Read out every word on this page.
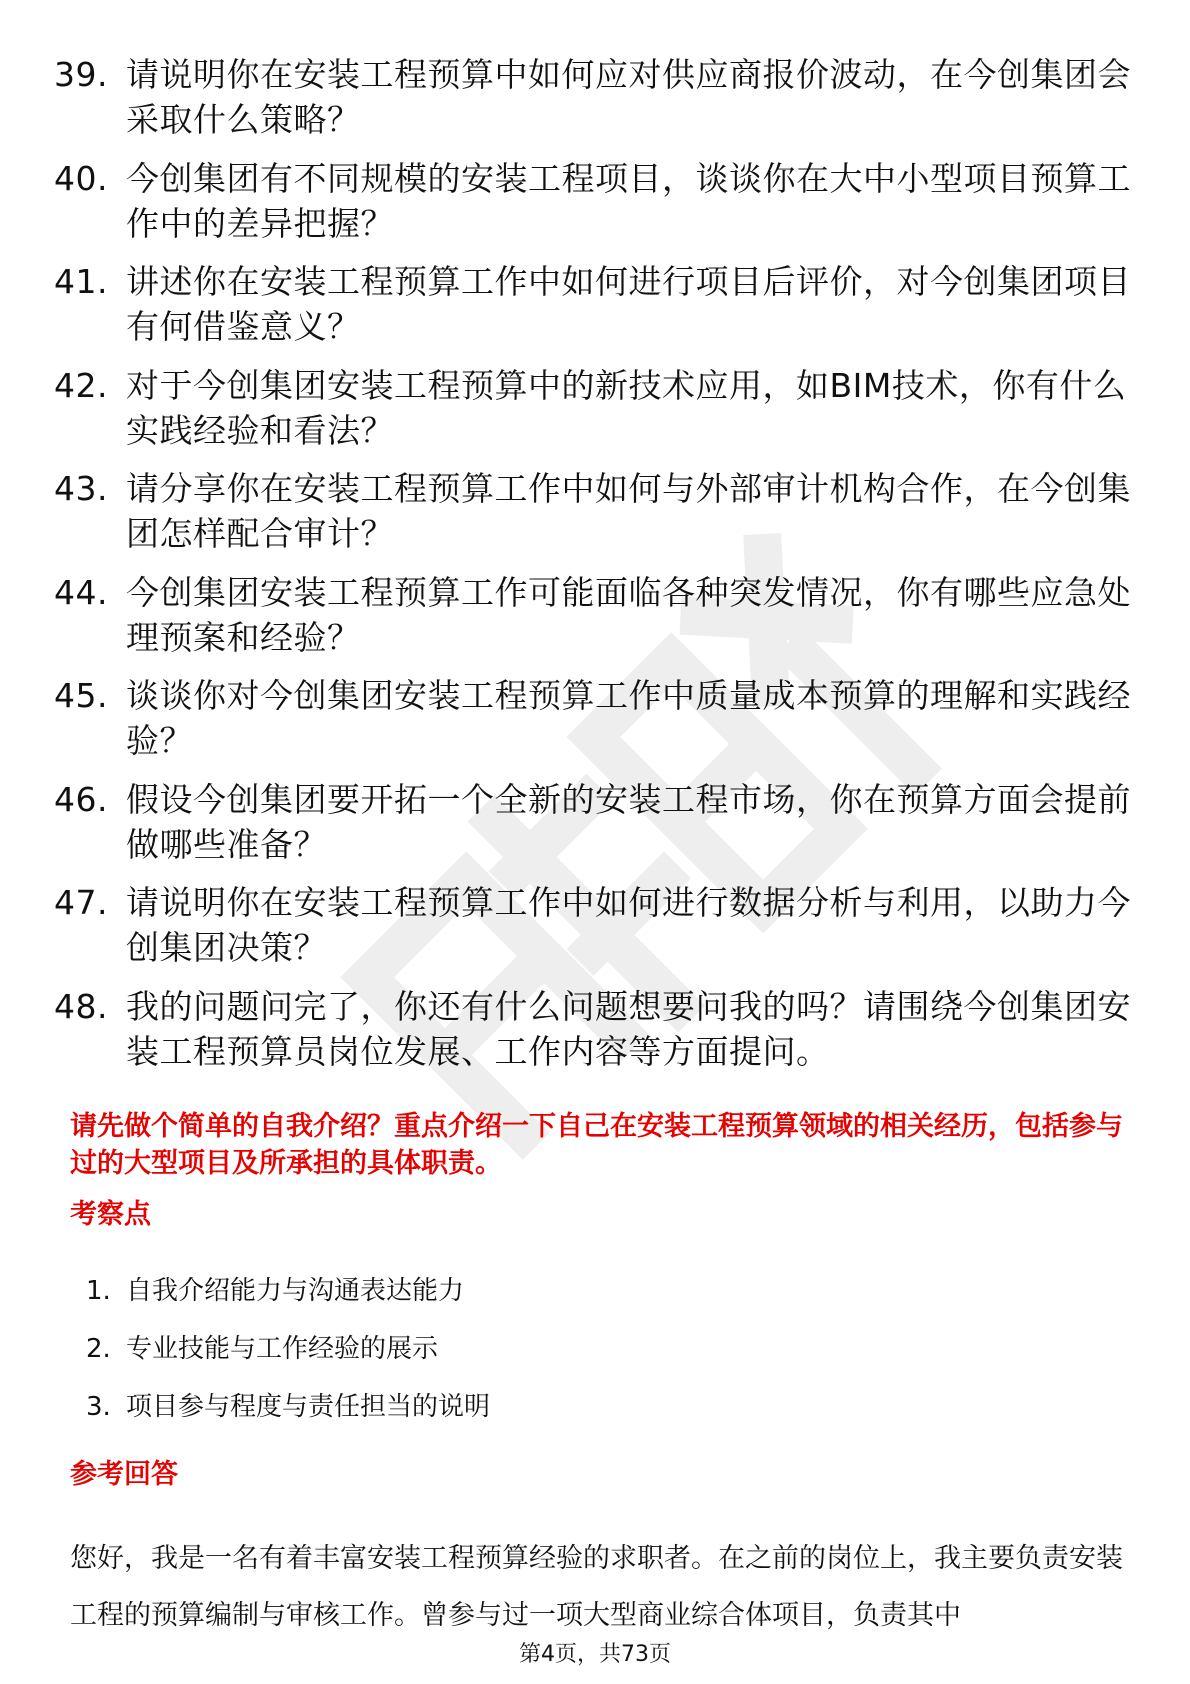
39. 请说明你在安装工程预算中如何应对供应商报价波动，在今创集团会采取什么策略？
40. 今创集团有不同规模的安装工程项目，谈谈你在大中小型项目预算工作中的差异把握？
41. 讲述你在安装工程预算工作中如何进行项目后评价，对今创集团项目有何借鉴意义？
42. 对于今创集团安装工程预算中的新技术应用，如BIM技术，你有什么实践经验和看法？
43. 请分享你在安装工程预算工作中如何与外部审计机构合作，在今创集团怎样配合审计？
44. 今创集团安装工程预算工作可能面临各种突发情况，你有哪些应急处理预案和经验？
45. 谈谈你对今创集团安装工程预算工作中质量成本预算的理解和实践经验？
46. 假设今创集团要开拓一个全新的安装工程市场，你在预算方面会提前做哪些准备？
47. 请说明你在安装工程预算工作中如何进行数据分析与利用，以助力今创集团决策？
48. 我的问题问完了，你还有什么问题想要问我的吗？请围绕今创集团安装工程预算员岗位发展、工作内容等方面提问。

请先做个简单的自我介绍？重点介绍一下自己在安装工程预算领域的相关经历，包括参与过的大型项目及所承担的具体职责。

考察点
1. 自我介绍能力与沟通表达能力
2. 专业技能与工作经验的展示
3. 项目参与程度与责任担当的说明
参考回答

您好，我是一名有着丰富安装工程预算经验的求职者。在之前的岗位上，我主要负责安装工程的预算编制与审核工作。曾参与过一项大型商业综合体项目，负责其中

第4页，共73页
